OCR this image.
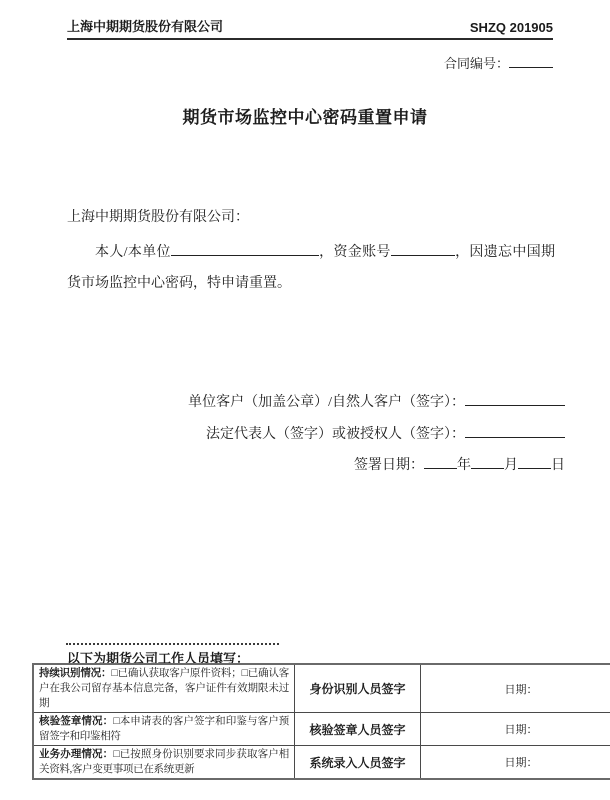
上海中期期货股份有限公司	SHZQ 201905
合同编号：
期货市场监控中心密码重置申请

上海中期期货股份有限公司：

本人/本单位	，资金账号	，因遗忘中国期货市场监控中心密码，特申请重置。

单位客户（加盖公章）/自然人客户（签字）：
法定代表人（签字）或被授权人（签字）：
签署日期： 年 月 日

以下为期货公司工作人员填写：

持续识别情况：□已确认获取客户原件资料；□已确认客户在我公司留存基本信息完备，客户证件有效期限未过期	身份识别人员签字	日期：
核验签章情况：□本申请表的客户签字和印鉴与客户预留签字和印鉴相符	核验签章人员签字	日期：
业务办理情况：□已按照身份识别要求同步获取客户相关资料,客户变更事项已在系统更新	系统录入人员签字	日期：
